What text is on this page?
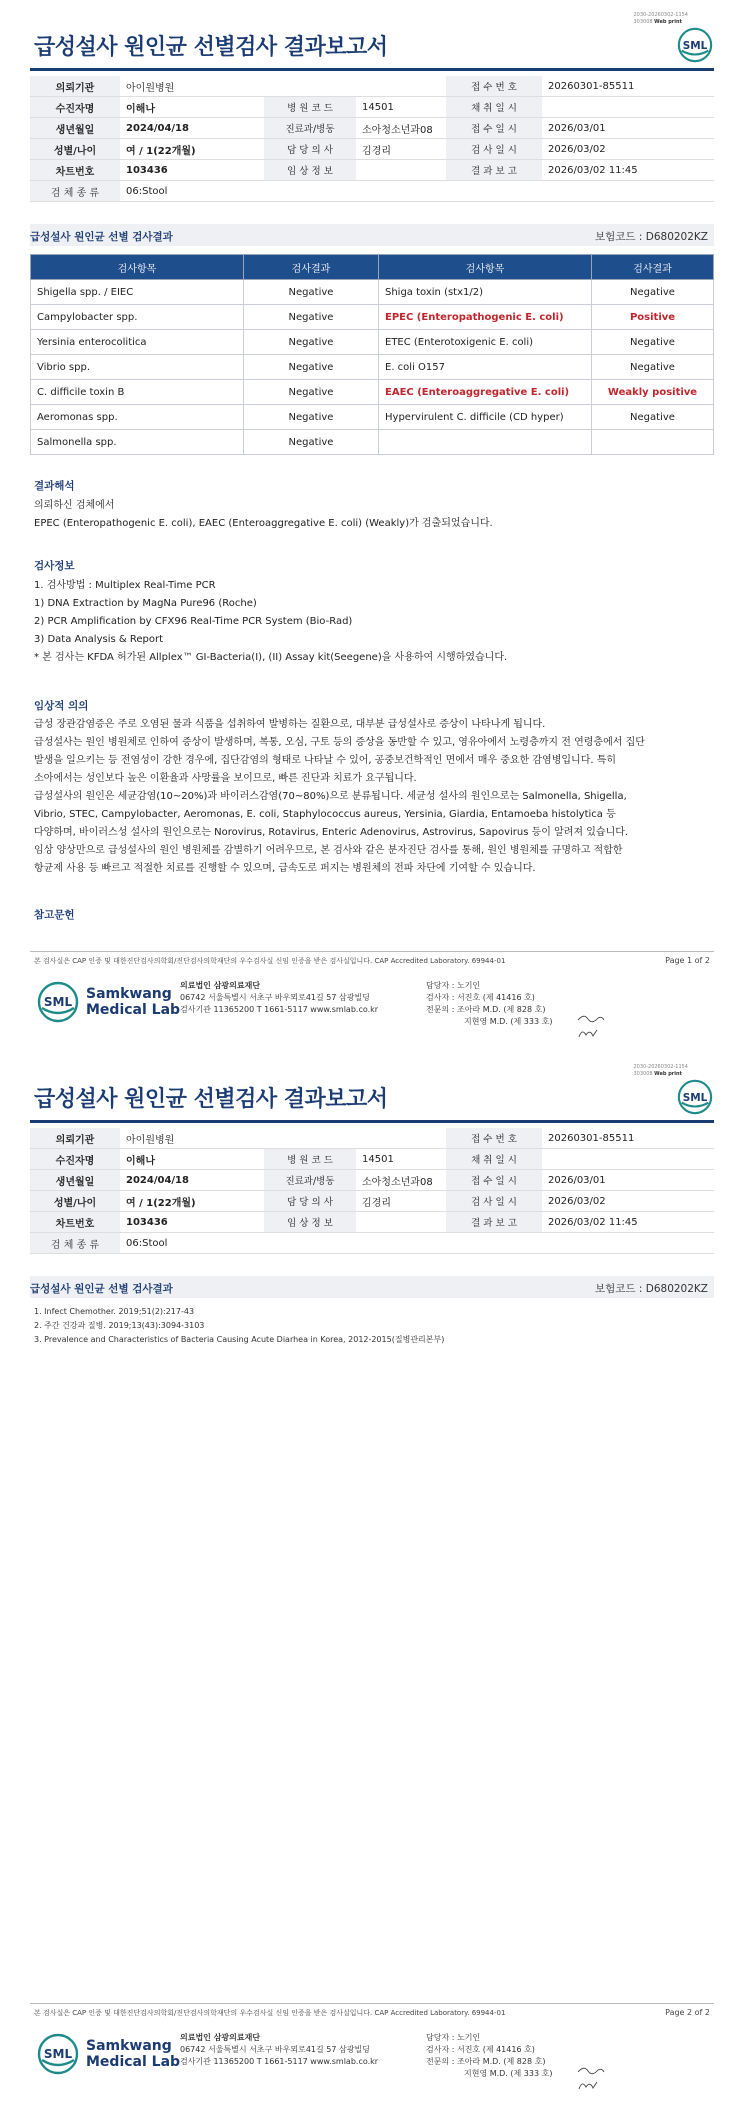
2030-20260302-1154
303008 Web print
급성설사 원인균 선별검사 결과보고서	SML
의뢰기관	아이원병원			접 수 번 호	20260301-85511
수진자명	이해나	병 원 코 드	14501	채 취 일 시	
생년월일	2024/04/18	진료과/병동	소아청소년과08	접 수 일 시	2026/03/01
성별/나이	여 / 1(22개월)	담 당 의 사	김경리	검 사 일 시	2026/03/02
차트번호	103436	임 상 정 보		결 과 보 고	2026/03/02 11:45
검 체 종 류	06:Stool				
급성설사 원인균 선별 검사결과	보험코드 : D680202KZ
검사항목	검사결과	검사항목	검사결과
Shigella spp. / EIEC	Negative	Shiga toxin (stx1/2)	Negative
Campylobacter spp.	Negative	EPEC (Enteropathogenic E. coli)	Positive
Yersinia enterocolitica	Negative	ETEC (Enterotoxigenic E. coli)	Negative
Vibrio spp.	Negative	E. coli O157	Negative
C. difficile toxin B	Negative	EAEC (Enteroaggregative E. coli)	Weakly positive
Aeromonas spp.	Negative	Hypervirulent C. difficile (CD hyper)	Negative
Salmonella spp.	Negative		
결과해석
의뢰하신 검체에서
EPEC (Enteropathogenic E. coli), EAEC (Enteroaggregative E. coli) (Weakly)가 검출되었습니다.
검사정보
1. 검사방법 : Multiplex Real-Time PCR
1) DNA Extraction by MagNa Pure96 (Roche)
2) PCR Amplification by CFX96 Real-Time PCR System (Bio-Rad)
3) Data Analysis & Report
* 본 검사는 KFDA 허가된 Allplex™ GI-Bacteria(I), (II) Assay kit(Seegene)을 사용하여 시행하였습니다.
임상적 의의
급성 장관감염증은 주로 오염된 물과 식품을 섭취하여 발병하는 질환으로, 대부분 급성설사로 증상이 나타나게 됩니다.
급성설사는 원인 병원체로 인하여 증상이 발생하며, 복통, 오심, 구토 등의 증상을 동반할 수 있고, 영유아에서 노령층까지 전 연령층에서 집단
발생을 일으키는 등 전염성이 강한 경우에, 집단감염의 형태로 나타날 수 있어, 공중보건학적인 면에서 매우 중요한 감염병입니다. 특히
소아에서는 성인보다 높은 이환율과 사망률을 보이므로, 빠른 진단과 치료가 요구됩니다.
급성설사의 원인은 세균감염(10~20%)과 바이러스감염(70~80%)으로 분류됩니다. 세균성 설사의 원인으로는 Salmonella, Shigella,
Vibrio, STEC, Campylobacter, Aeromonas, E. coli, Staphylococcus aureus, Yersinia, Giardia, Entamoeba histolytica 등
다양하며, 바이러스성 설사의 원인으로는 Norovirus, Rotavirus, Enteric Adenovirus, Astrovirus, Sapovirus 등이 알려져 있습니다.
임상 양상만으로 급성설사의 원인 병원체를 감별하기 어려우므로, 본 검사와 같은 분자진단 검사를 통해, 원인 병원체를 규명하고 적합한
항균제 사용 등 빠르고 적절한 치료를 진행할 수 있으며, 급속도로 퍼지는 병원체의 전파 차단에 기여할 수 있습니다.
참고문헌
본 검사실은 CAP 인증 및 대한진단검사의학회/진단검사의학재단의 우수검사실 신임 인증을 받은 검사실입니다. CAP Accredited Laboratory. 69944-01	Page 1 of 2
SML Samkwang
Medical Lab
의료법인 삼광의료재단
06742 서울특별시 서초구 바우뫼로41길 57 삼광빌딩
검사기관 11365200 T 1661-5117 www.smlab.co.kr
담당자 : 노기인
검사자 : 서진호 (제 41416 호)
전문의 : 조아라 M.D. (제 828 호)
지현영 M.D. (제 333 호)
2030-20260302-1154
303008 Web print
급성설사 원인균 선별검사 결과보고서	SML
의뢰기관	아이원병원			접 수 번 호	20260301-85511
수진자명	이해나	병 원 코 드	14501	채 취 일 시	
생년월일	2024/04/18	진료과/병동	소아청소년과08	접 수 일 시	2026/03/01
성별/나이	여 / 1(22개월)	담 당 의 사	김경리	검 사 일 시	2026/03/02
차트번호	103436	임 상 정 보		결 과 보 고	2026/03/02 11:45
검 체 종 류	06:Stool				
급성설사 원인균 선별 검사결과	보험코드 : D680202KZ
1. Infect Chemother. 2019;51(2):217-43
2. 주간 건강과 질병. 2019;13(43):3094-3103
3. Prevalence and Characteristics of Bacteria Causing Acute Diarhea in Korea, 2012-2015(질병관리본부)
본 검사실은 CAP 인증 및 대한진단검사의학회/진단검사의학재단의 우수검사실 신임 인증을 받은 검사실입니다. CAP Accredited Laboratory. 69944-01	Page 2 of 2
SML Samkwang
Medical Lab
의료법인 삼광의료재단
06742 서울특별시 서초구 바우뫼로41길 57 삼광빌딩
검사기관 11365200 T 1661-5117 www.smlab.co.kr
담당자 : 노기인
검사자 : 서진호 (제 41416 호)
전문의 : 조아라 M.D. (제 828 호)
지현영 M.D. (제 333 호)
